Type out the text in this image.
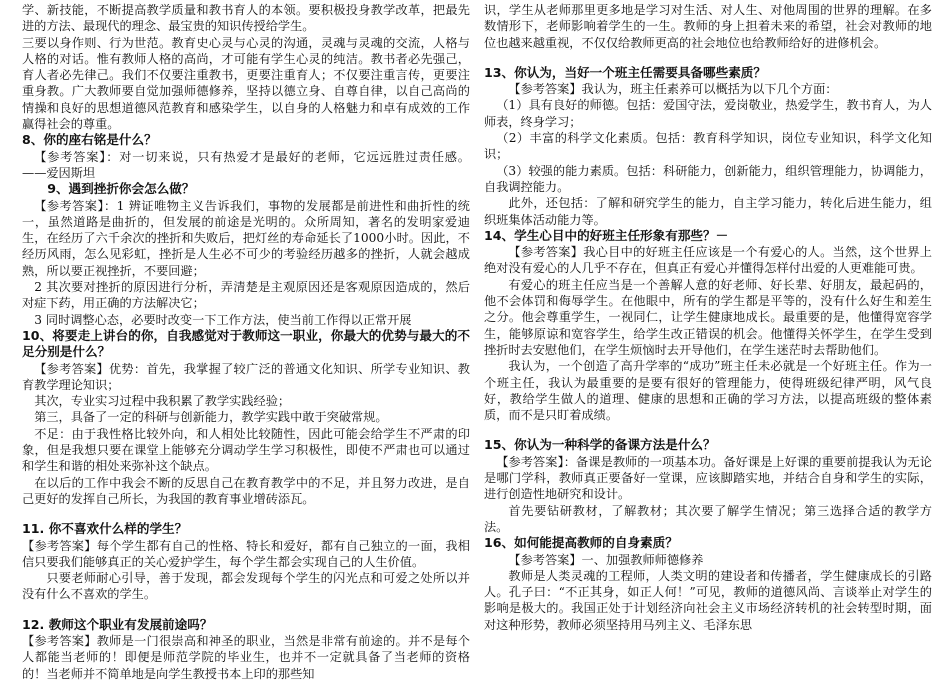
学、新技能，不断提高教学质量和教书育人的本领。要积极投身教学改革，把最先进的方法、最现代的理念、最宝贵的知识传授给学生。

三要以身作则、行为世范。教育史心灵与心灵的沟通，灵魂与灵魂的交流，人格与人格的对话。惟有教师人格的高尚，才可能有学生心灵的纯洁。教书者必先强己，育人者必先律己。我们不仅要注重教书，更要注重育人；不仅要注重言传，更要注重身教。广大教师要自觉加强师德修养，坚持以德立身、自尊自律，以自己高尚的情操和良好的思想道德风范教育和感染学生，以自身的人格魅力和卓有成效的工作赢得社会的尊重。

8、你的座右铭是什么？

【参考答案】：对一切来说，只有热爱才是最好的老师，它远远胜过责任感。 ——爱因斯坦

9、遇到挫折你会怎么做？

【参考答案】：1 辨证唯物主义告诉我们，事物的发展都是前进性和曲折性的统一，虽然道路是曲折的，但发展的前途是光明的。众所周知，著名的发明家爱迪生，在经历了六千余次的挫折和失败后，把灯丝的寿命延长了1000小时。因此，不经历风雨，怎么见彩虹，挫折是人生必不可少的考验经历越多的挫折，人就会越成熟，所以要正视挫折，不要回避；

2 其次要对挫折的原因进行分析，弄清楚是主观原因还是客观原因造成的，然后对症下药，用正确的方法解决它；

3 同时调整心态，必要时改变一下工作方法，使当前工作得以正常开展

10、将要走上讲台的你，自我感觉对于教师这一职业，你最大的优势与最大的不足分别是什么？

【参考答案】优势：首先，我掌握了较广泛的普通文化知识、所学专业知识、教育教学理论知识；

其次，专业实习过程中我积累了教学实践经验；

第三，具备了一定的科研与创新能力，教学实践中敢于突破常规。

不足：由于我性格比较外向，和人相处比较随性，因此可能会给学生不严肃的印象，但是我想只要在课堂上能够充分调动学生学习积极性，即使不严肃也可以通过和学生和谐的相处来弥补这个缺点。

在以后的工作中我会不断的反思自己在教育教学中的不足，并且努力改进，是自己更好的发挥自己所长，为我国的教育事业增砖添瓦。

11. 你不喜欢什么样的学生？

【参考答案】每个学生都有自己的性格、特长和爱好，都有自己独立的一面，我相信只要我们能够真正的关心爱护学生，每个学生都会实现自己的人生价值。

只要老师耐心引导，善于发现，都会发现每个学生的闪光点和可爱之处所以并没有什么不喜欢的学生。

12. 教师这个职业有发展前途吗？

【参考答案】教师是一门很崇高和神圣的职业，当然是非常有前途的。并不是每个人都能当老师的！即便是师范学院的毕业生，也并不一定就具备了当老师的资格的！当老师并不简单地是向学生教授书本上印的那些知

识，学生从老师那里更多地是学习对生活、对人生、对他周围的世界的理解。在多数情形下，老师影响着学生的一生。教师的身上担着未来的希望，社会对教师的地位也越来越重视，不仅仅给教师更高的社会地位也给教师给好的进修机会。

13、你认为，当好一个班主任需要具备哪些素质？

【参考答案】我认为，班主任素养可以概括为以下几个方面：

（1）具有良好的师德。包括：爱国守法，爱岗敬业，热爱学生，教书育人，为人师表，终身学习；

（2）丰富的科学文化素质。包括：教育科学知识，岗位专业知识，科学文化知识；

（3）较强的能力素质。包括：科研能力，创新能力，组织管理能力，协调能力，自我调控能力。

此外，还包括：了解和研究学生的能力，自主学习能力，转化后进生能力，组织班集体活动能力等。

14、学生心目中的好班主任形象有那些？－

【参考答案】我心目中的好班主任应该是一个有爱心的人。当然，这个世界上绝对没有爱心的人几乎不存在，但真正有爱心并懂得怎样付出爱的人更难能可贵。

有爱心的班主任应当是一个善解人意的好老师、好长辈、好朋友，最起码的，他不会体罚和侮辱学生。在他眼中，所有的学生都是平等的，没有什么好生和差生之分。他会尊重学生，一视同仁，让学生健康地成长。最重要的是，他懂得宽容学生，能够原谅和宽容学生，给学生改正错误的机会。他懂得关怀学生，在学生受到挫折时去安慰他们，在学生烦恼时去开导他们，在学生迷茫时去帮助他们。

我认为，一个创造了高升学率的“成功”班主任未必就是一个好班主任。作为一个班主任，我认为最重要的是要有很好的管理能力，使得班级纪律严明，风气良好，教给学生做人的道理、健康的思想和正确的学习方法，以提高班级的整体素质，而不是只盯着成绩。

15、你认为一种科学的备课方法是什么？

【参考答案】：备课是教师的一项基本功。备好课是上好课的重要前提我认为无论是哪门学科，教师真正要备好一堂课，应该脚踏实地，并结合自身和学生的实际，进行创造性地研究和设计。

首先要钻研教材，了解教材；其次要了解学生情况；第三选择合适的教学方法。

16、如何能提高教师的自身素质？

【参考答案】一、加强教师师德修养

教师是人类灵魂的工程师，人类文明的建设者和传播者，学生健康成长的引路人。孔子曰：“不正其身，如正人何！”可见，教师的道德风尚、言谈举止对学生的影响是极大的。我国正处于计划经济向社会主义市场经济转机的社会转型时期，面对这种形势，教师必须坚持用马列主义、毛泽东思
